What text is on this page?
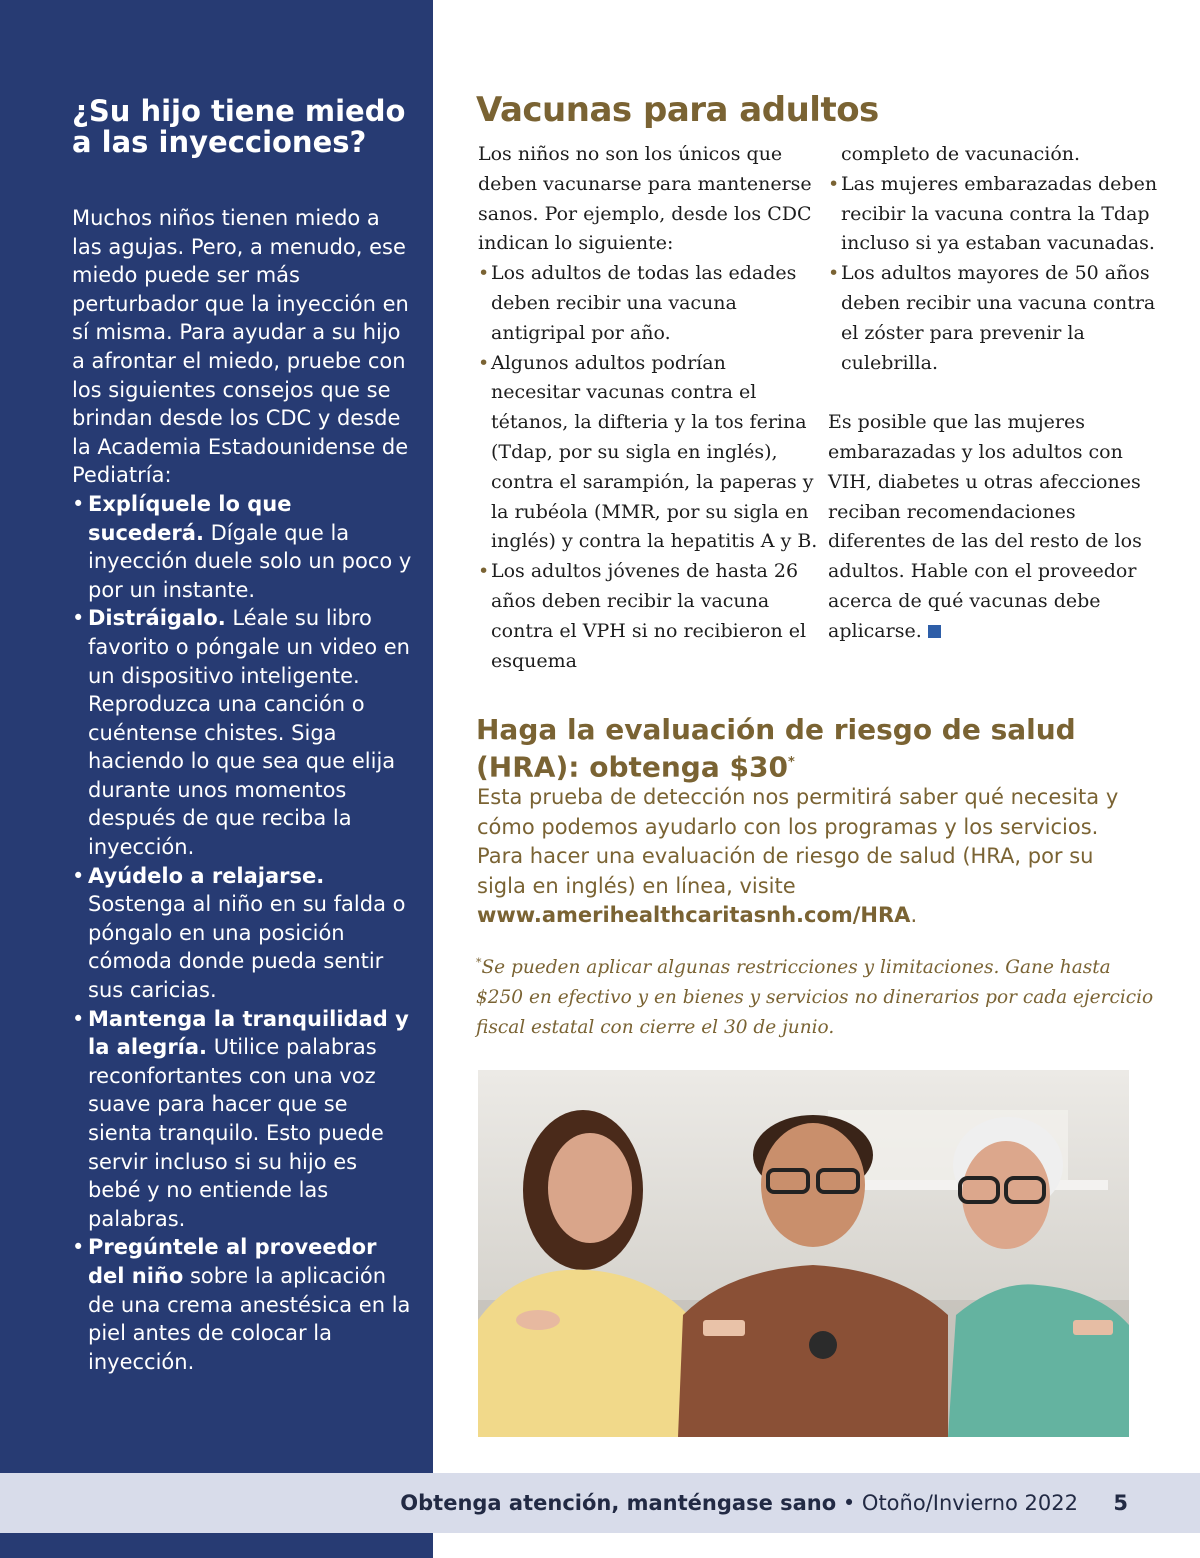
¿Su hijo tiene miedo a las inyecciones?

Muchos niños tienen miedo a las agujas. Pero, a menudo, ese miedo puede ser más perturbador que la inyección en sí misma. Para ayudar a su hijo a afrontar el miedo, pruebe con los siguientes consejos que se brindan desde los CDC y desde la Academia Estadounidense de Pediatría:

• Explíquele lo que sucederá. Dígale que la inyección duele solo un poco y por un instante.
• Distráigalo. Léale su libro favorito o póngale un video en un dispositivo inteligente. Reproduzca una canción o cuéntense chistes. Siga haciendo lo que sea que elija durante unos momentos después de que reciba la inyección.
• Ayúdelo a relajarse. Sostenga al niño en su falda o póngalo en una posición cómoda donde pueda sentir sus caricias.
• Mantenga la tranquilidad y la alegría. Utilice palabras reconfortantes con una voz suave para hacer que se sienta tranquilo. Esto puede servir incluso si su hijo es bebé y no entiende las palabras.
• Pregúntele al proveedor del niño sobre la aplicación de una crema anestésica en la piel antes de colocar la inyección.
Vacunas para adultos

Los niños no son los únicos que deben vacunarse para mantenerse sanos. Por ejemplo, desde los CDC indican lo siguiente:

• Los adultos de todas las edades deben recibir una vacuna antigripal por año.
• Algunos adultos podrían necesitar vacunas contra el tétanos, la difteria y la tos ferina (Tdap, por su sigla en inglés), contra el sarampión, la paperas y la rubéola (MMR, por su sigla en inglés) y contra la hepatitis A y B.
• Los adultos jóvenes de hasta 26 años deben recibir la vacuna contra el VPH si no recibieron el esquema
completo de vacunación.
• Las mujeres embarazadas deben recibir la vacuna contra la Tdap incluso si ya estaban vacunadas.
• Los adultos mayores de 50 años deben recibir una vacuna contra el zóster para prevenir la culebrilla.

Es posible que las mujeres embarazadas y los adultos con VIH, diabetes u otras afecciones reciban recomendaciones diferentes de las del resto de los adultos. Hable con el proveedor acerca de qué vacunas debe aplicarse.

Haga la evaluación de riesgo de salud (HRA): obtenga $30*

Esta prueba de detección nos permitirá saber qué necesita y cómo podemos ayudarlo con los programas y los servicios. Para hacer una evaluación de riesgo de salud (HRA, por su sigla en inglés) en línea, visite www.amerihealthcaritasnh.com/HRA.

*Se pueden aplicar algunas restricciones y limitaciones. Gane hasta $250 en efectivo y en bienes y servicios no dinerarios por cada ejercicio fiscal estatal con cierre el 30 de junio.

Obtenga atención, manténgase sano • Otoño/Invierno 2022 5
